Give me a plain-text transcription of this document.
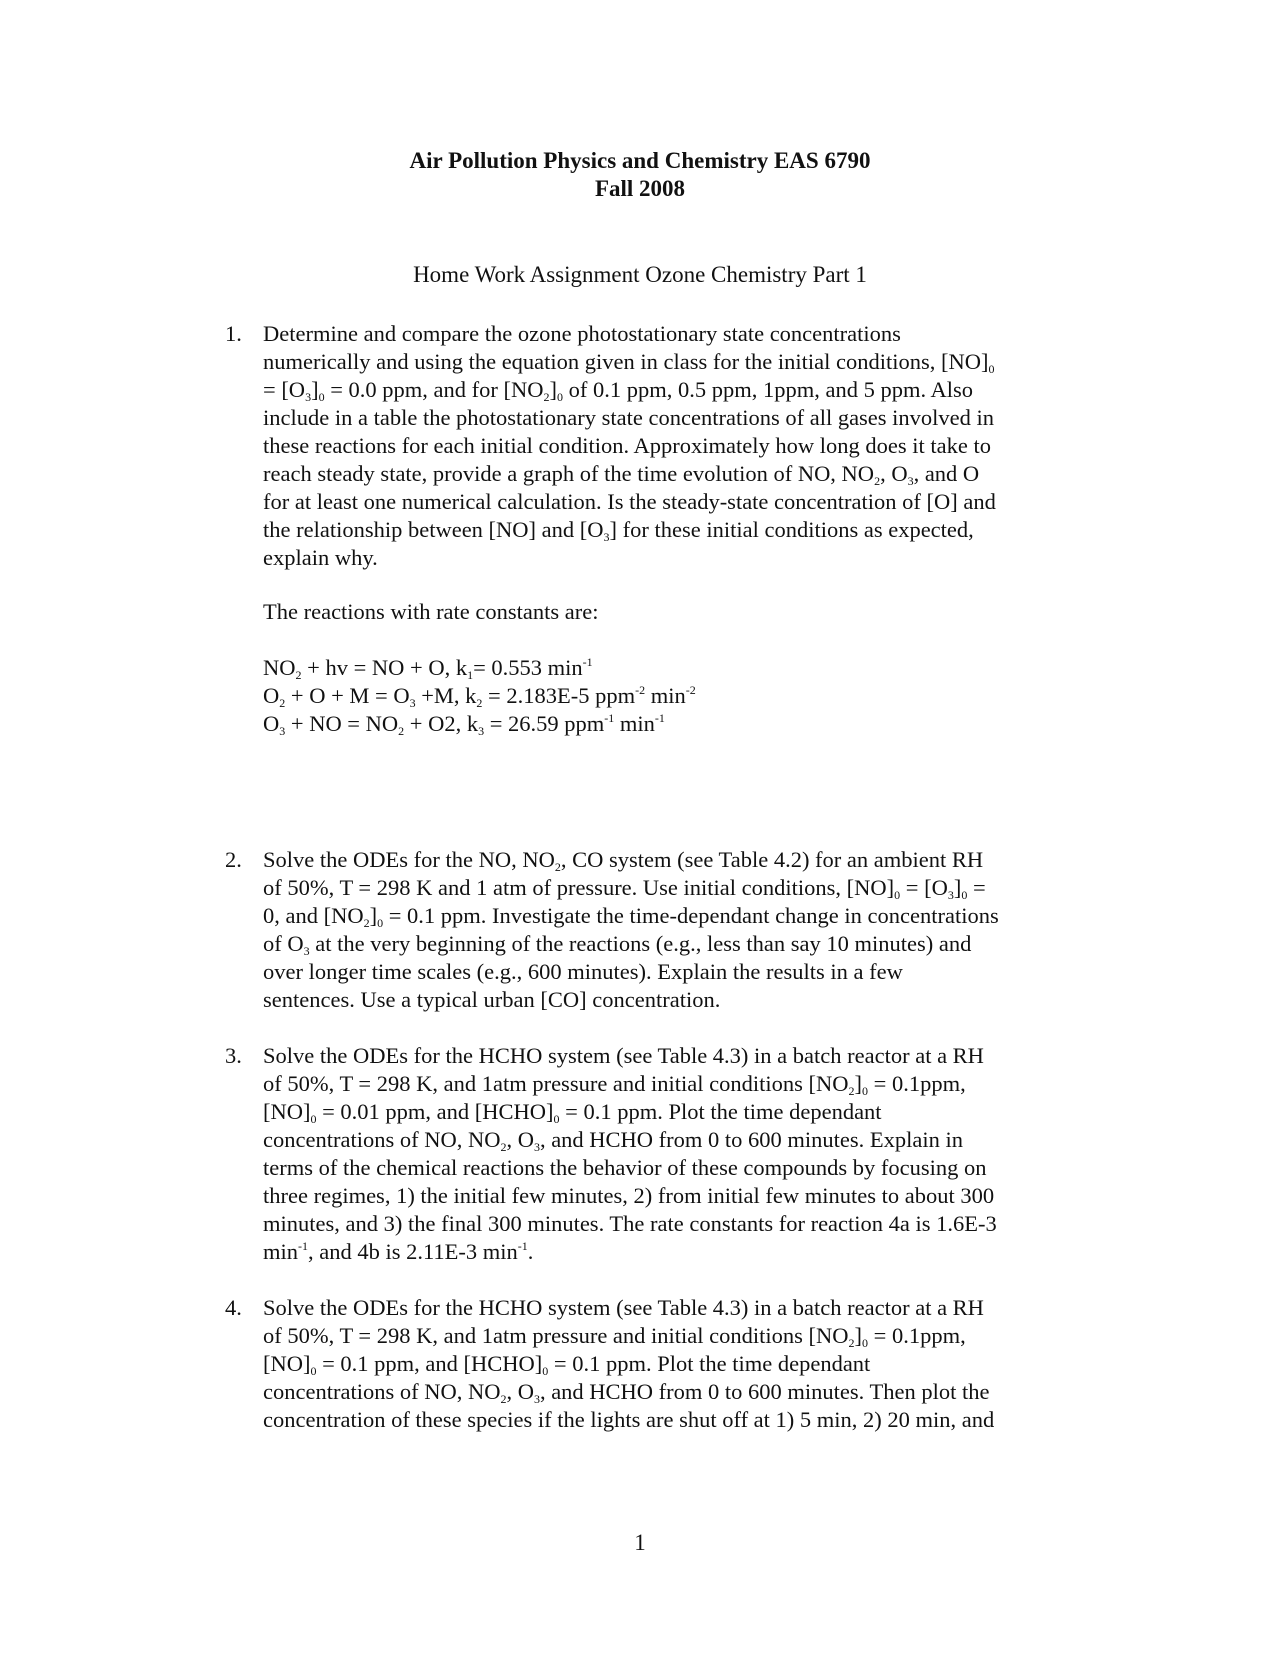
Air Pollution Physics and Chemistry EAS 6790
Fall 2008
Home Work Assignment Ozone Chemistry Part 1
1. Determine and compare the ozone photostationary state concentrations
numerically and using the equation given in class for the initial conditions, $[NO]_0$
= $[O_3]_0 = 0.0$ ppm, and for $[NO_2]_0$ of 0.1 ppm, 0.5 ppm, 1ppm, and 5 ppm. Also
include in a table the photostationary state concentrations of all gases involved in
these reactions for each initial condition. Approximately how long does it take to
reach steady state, provide a graph of the time evolution of NO, $NO_2$, $O_3$, and O
for at least one numerical calculation. Is the steady-state concentration of [O] and
the relationship between [NO] and $[O_3]$ for these initial conditions as expected,
explain why.
The reactions with rate constants are:
$NO_2$ + hv = NO + O, $k_1= 0.553$ $\min^{-1}$
$O_2 + O + M = O_3 +M$, $k_2 = 2.183E-5$ ppm$^{-2}$ $\min^{-2}$
$O_3$ + NO = $NO_2 + O2$, $k_3 = 26.59$ ppm$^{-1}$ $\min^{-1}$
2. Solve the ODEs for the NO, $NO_2$, CO system (see Table 4.2) for an ambient RH
of 50%, T = 298 K and 1 atm of pressure. Use initial conditions, $[NO]_0 = [O_3]_0$ =
0, and $[NO_2]_0 = 0.1$ ppm. Investigate the time-dependant change in concentrations
of $O_3$ at the very beginning of the reactions (e.g., less than say 10 minutes) and
over longer time scales (e.g., 600 minutes). Explain the results in a few
sentences. Use a typical urban [CO] concentration.
3. Solve the ODEs for the HCHO system (see Table 4.3) in a batch reactor at a RH
of 50%, T = 298 K, and 1atm pressure and initial conditions $[NO_2]_0 = 0.1ppm$,
$[NO]_0 = 0.01$ ppm, and $[HCHO]_0 = 0.1$ ppm. Plot the time dependant
concentrations of NO, $NO_2$, $O_3$, and HCHO from 0 to 600 minutes. Explain in
terms of the chemical reactions the behavior of these compounds by focusing on
three regimes, 1) the initial few minutes, 2) from initial few minutes to about 300
minutes, and 3) the final 300 minutes. The rate constants for reaction 4a is 1.6E-3
$\min^{-1}$, and 4b is 2.11E-3 $\min^{-1}$.
4. Solve the ODEs for the HCHO system (see Table 4.3) in a batch reactor at a RH
of 50%, T = 298 K, and 1atm pressure and initial conditions $[NO_2]_0 = 0.1ppm$,
$[NO]_0 = 0.1$ ppm, and $[HCHO]_0 = 0.1$ ppm. Plot the time dependant
concentrations of NO, $NO_2$, $O_3$, and HCHO from 0 to 600 minutes. Then plot the
concentration of these species if the lights are shut off at 1) 5 min, 2) 20 min, and
1
